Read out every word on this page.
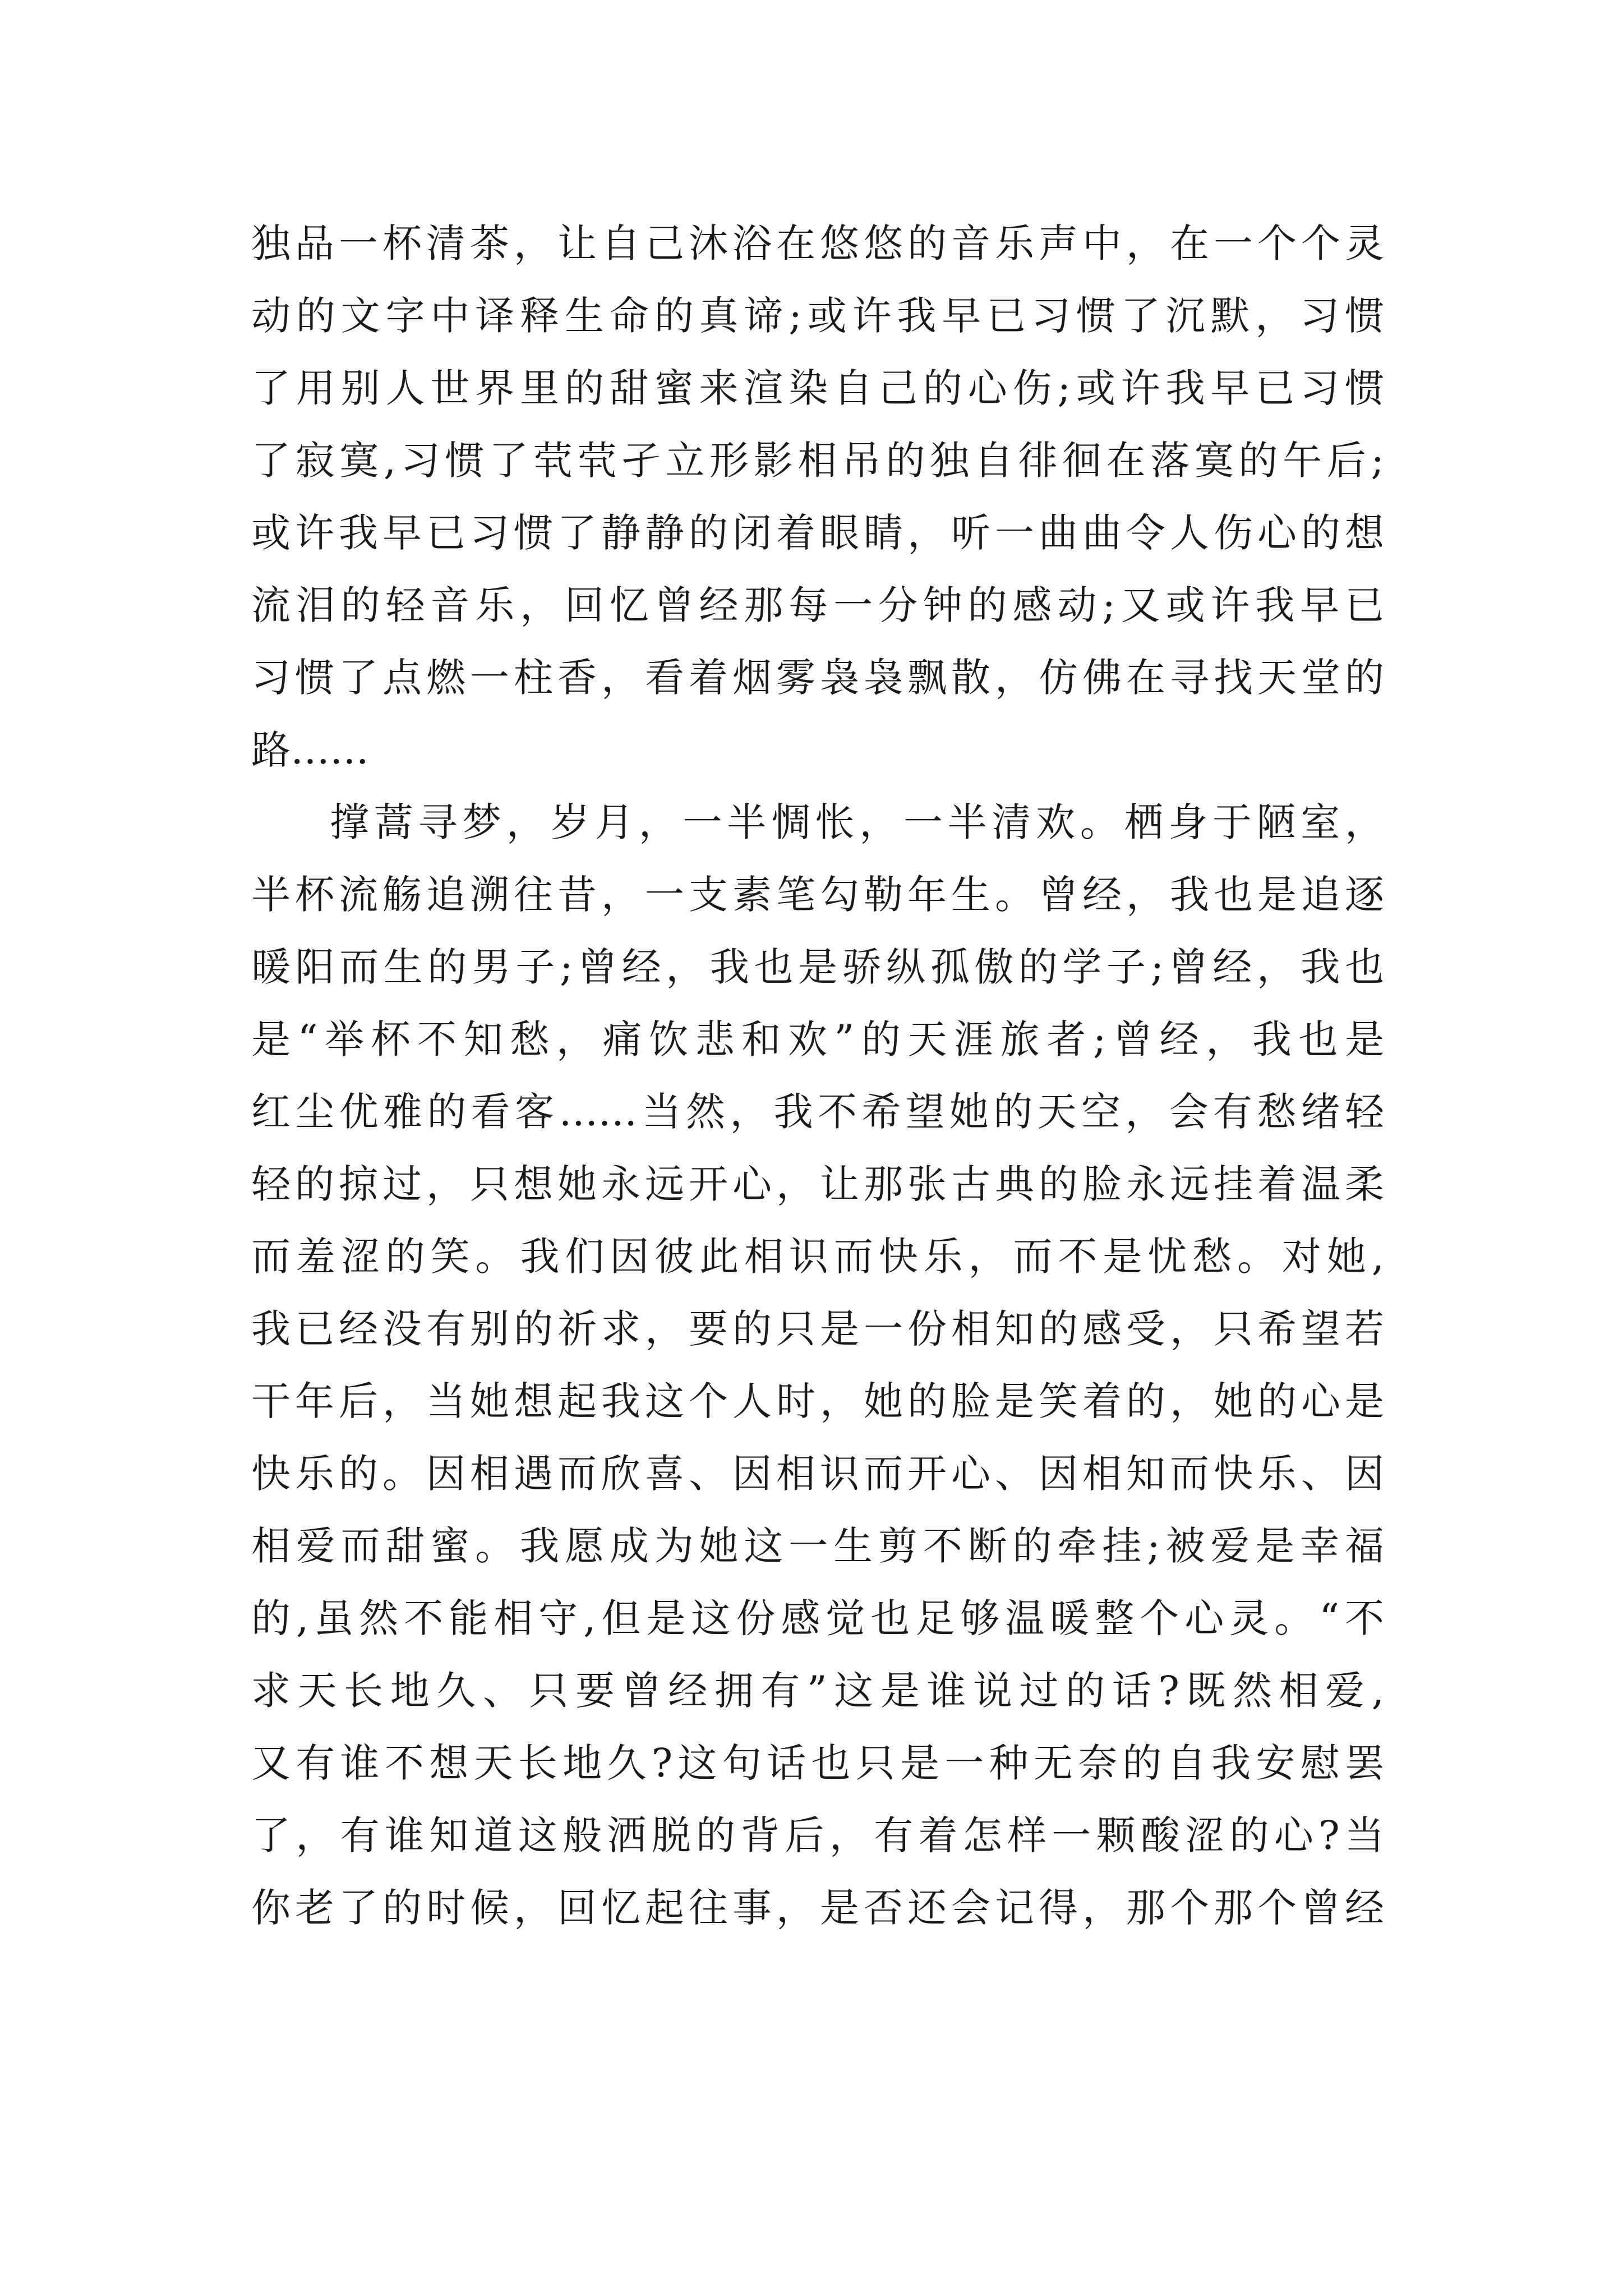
独品一杯清茶，让自己沐浴在悠悠的音乐声中，在一个个灵
动的文字中译释生命的真谛;或许我早已习惯了沉默，习惯
了用别人世界里的甜蜜来渲染自己的心伤;或许我早已习惯
了寂寞,习惯了茕茕孑立形影相吊的独自徘徊在落寞的午后;
或许我早已习惯了静静的闭着眼睛，听一曲曲令人伤心的想
流泪的轻音乐，回忆曾经那每一分钟的感动;又或许我早已
习惯了点燃一柱香，看着烟雾袅袅飘散，仿佛在寻找天堂的
路……
撑蒿寻梦，岁月，一半惆怅，一半清欢。栖身于陋室，
半杯流觞追溯往昔，一支素笔勾勒年生。曾经，我也是追逐
暖阳而生的男子;曾经，我也是骄纵孤傲的学子;曾经，我也
是“举杯不知愁，痛饮悲和欢”的天涯旅者;曾经，我也是
红尘优雅的看客……当然，我不希望她的天空，会有愁绪轻
轻的掠过，只想她永远开心，让那张古典的脸永远挂着温柔
而羞涩的笑。我们因彼此相识而快乐，而不是忧愁。对她,
我已经没有别的祈求，要的只是一份相知的感受，只希望若
干年后，当她想起我这个人时，她的脸是笑着的，她的心是
快乐的。因相遇而欣喜、因相识而开心、因相知而快乐、因
相爱而甜蜜。我愿成为她这一生剪不断的牵挂;被爱是幸福
的,虽然不能相守,但是这份感觉也足够温暖整个心灵。“不
求天长地久、只要曾经拥有”这是谁说过的话?既然相爱,
又有谁不想天长地久?这句话也只是一种无奈的自我安慰罢
了，有谁知道这般洒脱的背后，有着怎样一颗酸涩的心?当
你老了的时候，回忆起往事，是否还会记得，那个那个曾经
